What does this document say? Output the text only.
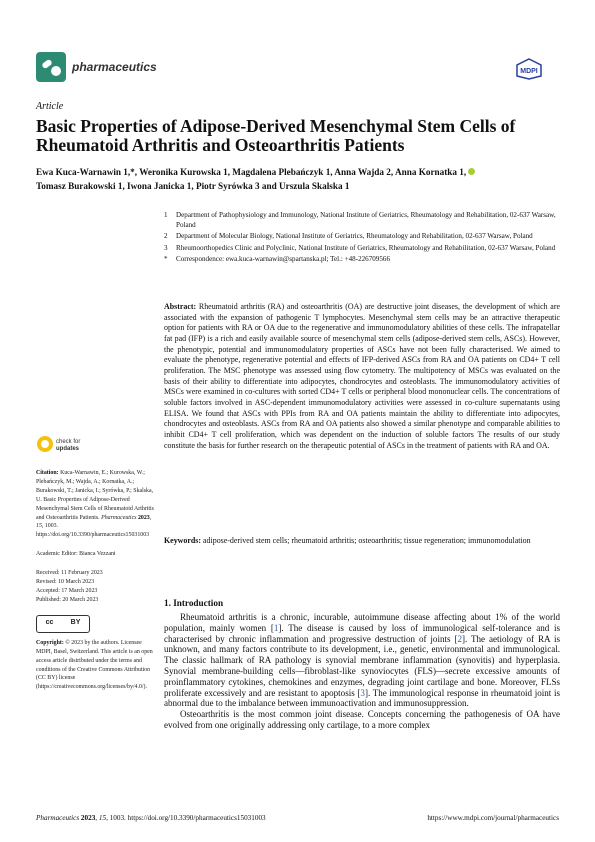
pharmaceutics	MDPI
Article
Basic Properties of Adipose-Derived Mesenchymal Stem Cells of Rheumatoid Arthritis and Osteoarthritis Patients
Ewa Kuca-Warnawin 1,*, Weronika Kurowska 1, Magdalena Plebańczyk 1, Anna Wajda 2, Anna Kornatka 1,
Tomasz Burakowski 1, Iwona Janicka 1, Piotr Syrówka 3 and Urszula Skalska 1
1	Department of Pathophysiology and Immunology, National Institute of Geriatrics, Rheumatology and Rehabilitation, 02-637 Warsaw, Poland
2	Department of Molecular Biology, National Institute of Geriatrics, Rheumatology and Rehabilitation, 02-637 Warsaw, Poland
3	Rheumoorthopedics Clinic and Polyclinic, National Institute of Geriatrics, Rheumatology and Rehabilitation, 02-637 Warsaw, Poland
*	Correspondence: ewa.kuca-warnawin@spartanska.pl; Tel.: +48-226709566
Abstract: Rheumatoid arthritis (RA) and osteoarthritis (OA) are destructive joint diseases, the development of which are associated with the expansion of pathogenic T lymphocytes. Mesenchymal stem cells may be an attractive therapeutic option for patients with RA or OA due to the regenerative and immunomodulatory abilities of these cells. The infrapatellar fat pad (IFP) is a rich and easily available source of mesenchymal stem cells (adipose-derived stem cells, ASCs). However, the phenotypic, potential and immunomodulatory properties of ASCs have not been fully characterised. We aimed to evaluate the phenotype, regenerative potential and effects of IFP-derived ASCs from RA and OA patients on CD4+ T cell proliferation. The MSC phenotype was assessed using flow cytometry. The multipotency of MSCs was evaluated on the basis of their ability to differentiate into adipocytes, chondrocytes and osteoblasts. The immunomodulatory activities of MSCs were examined in co-cultures with sorted CD4+ T cells or peripheral blood mononuclear cells. The concentrations of soluble factors involved in ASC-dependent immunomodulatory activities were assessed in co-culture supernatants using ELISA. We found that ASCs with PPIs from RA and OA patients maintain the ability to differentiate into adipocytes, chondrocytes and osteoblasts. ASCs from RA and OA patients also showed a similar phenotype and comparable abilities to inhibit CD4+ T cell proliferation, which was dependent on the induction of soluble factors The results of our study constitute the basis for further research on the therapeutic potential of ASCs in the treatment of patients with RA and OA.
Keywords: adipose-derived stem cells; rheumatoid arthritis; osteoarthritis; tissue regeneration; immunomodulation
1. Introduction

Rheumatoid arthritis is a chronic, incurable, autoimmune disease affecting about 1% of the world population, mainly women [1]. The disease is caused by loss of immunological self-tolerance and is characterised by chronic inflammation and progressive destruction of joints [2]. The aetiology of RA is unknown, and many factors contribute to its development, i.e., genetic, environmental and immunological. The classic hallmark of RA pathology is synovial membrane inflammation (synovitis) and hyperplasia. Synovial membrane-building cells—fibroblast-like synoviocytes (FLS)—secrete excessive amounts of proinflammatory cytokines, chemokines and enzymes, degrading joint cartilage and bone. Moreover, FLSs proliferate excessively and are resistant to apoptosis [3]. The immunological response in rheumatoid joint is abnormal due to the imbalance between immunoactivation and immunosuppression.

Osteoarthritis is the most common joint disease. Concepts concerning the pathogenesis of OA have evolved from one originally addressing only cartilage, to a more complex

check for
updates
Citation: Kuca-Warnawin, E.; Kurowska, W.; Plebańczyk, M.; Wajda, A.; Kornatka, A.; Burakowski, T.; Janicka, I.; Syrówka, P.; Skalska, U. Basic Properties of Adipose-Derived Mesenchymal Stem Cells of Rheumatoid Arthritis and Osteoarthritis Patients. Pharmaceutics 2023, 15, 1003. https://doi.org/10.3390/pharmaceutics15031003
Academic Editor: Bianca Vezzani
Received: 11 February 2023
Revised: 10 March 2023
Accepted: 17 March 2023
Published: 20 March 2023
cc BY
Copyright: © 2023 by the authors. Licensee MDPI, Basel, Switzerland. This article is an open access article distributed under the terms and conditions of the Creative Commons Attribution (CC BY) license (https://creativecommons.org/licenses/by/4.0/).
Pharmaceutics 2023, 15, 1003. https://doi.org/10.3390/pharmaceutics15031003	https://www.mdpi.com/journal/pharmaceutics
